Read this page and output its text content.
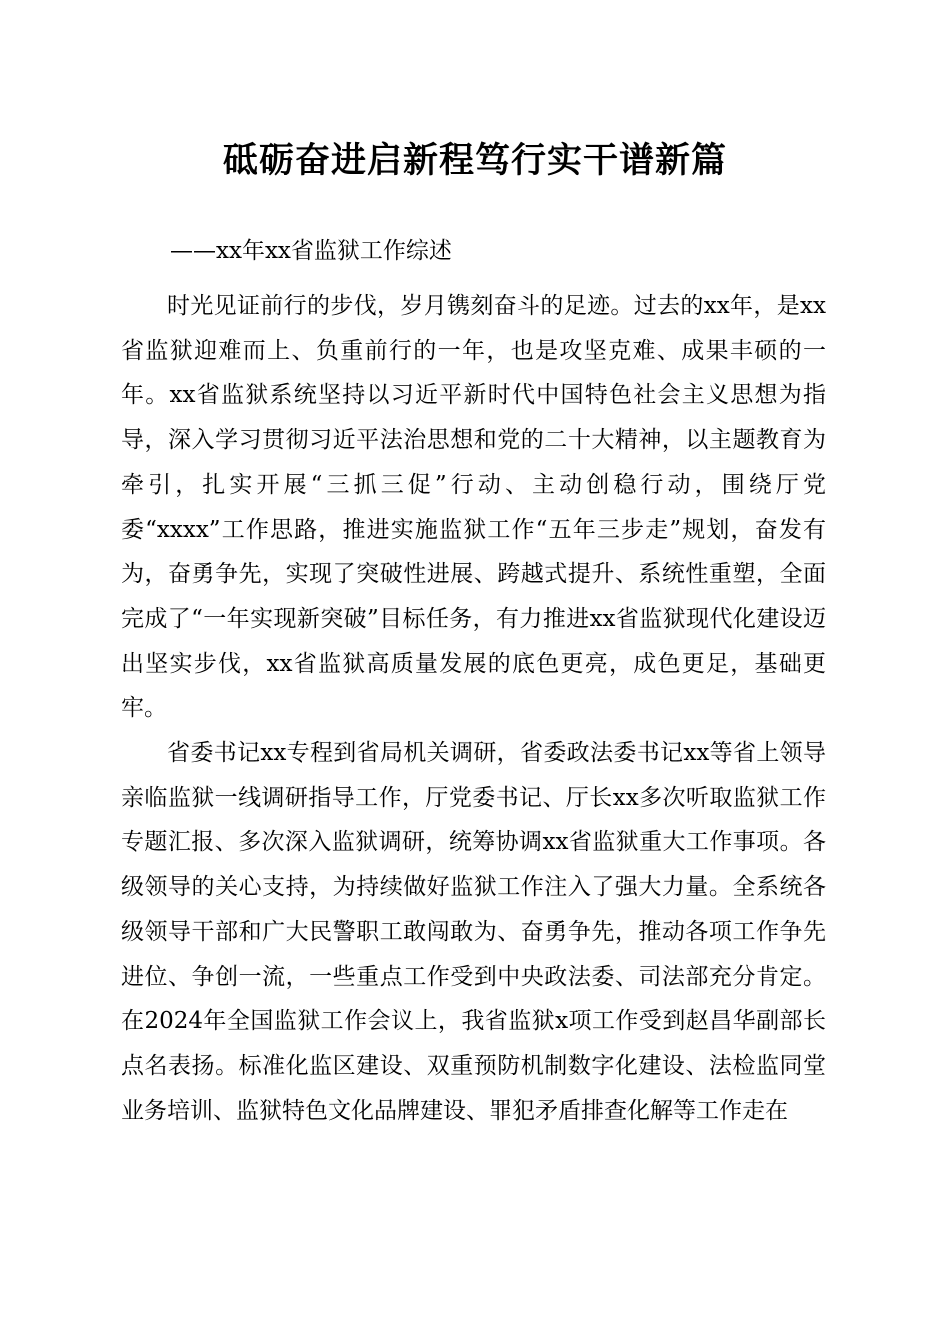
砥砺奋进启新程笃行实干谱新篇

——xx年xx省监狱工作综述

时光见证前行的步伐，岁月镌刻奋斗的足迹。过去的xx年，是xx省监狱迎难而上、负重前行的一年，也是攻坚克难、成果丰硕的一年。xx省监狱系统坚持以习近平新时代中国特色社会主义思想为指导，深入学习贯彻习近平法治思想和党的二十大精神，以主题教育为牵引，扎实开展“三抓三促”行动、主动创稳行动，围绕厅党委“xxxx”工作思路，推进实施监狱工作“五年三步走”规划，奋发有为，奋勇争先，实现了突破性进展、跨越式提升、系统性重塑，全面完成了“一年实现新突破”目标任务，有力推进xx省监狱现代化建设迈出坚实步伐，xx省监狱高质量发展的底色更亮，成色更足，基础更牢。

省委书记xx专程到省局机关调研，省委政法委书记xx等省上领导亲临监狱一线调研指导工作，厅党委书记、厅长xx多次听取监狱工作专题汇报、多次深入监狱调研，统筹协调xx省监狱重大工作事项。各级领导的关心支持，为持续做好监狱工作注入了强大力量。全系统各级领导干部和广大民警职工敢闯敢为、奋勇争先，推动各项工作争先进位、争创一流，一些重点工作受到中央政法委、司法部充分肯定。在2024年全国监狱工作会议上，我省监狱x项工作受到赵昌华副部长点名表扬。标准化监区建设、双重预防机制数字化建设、法检监同堂业务培训、监狱特色文化品牌建设、罪犯矛盾排查化解等工作走在
